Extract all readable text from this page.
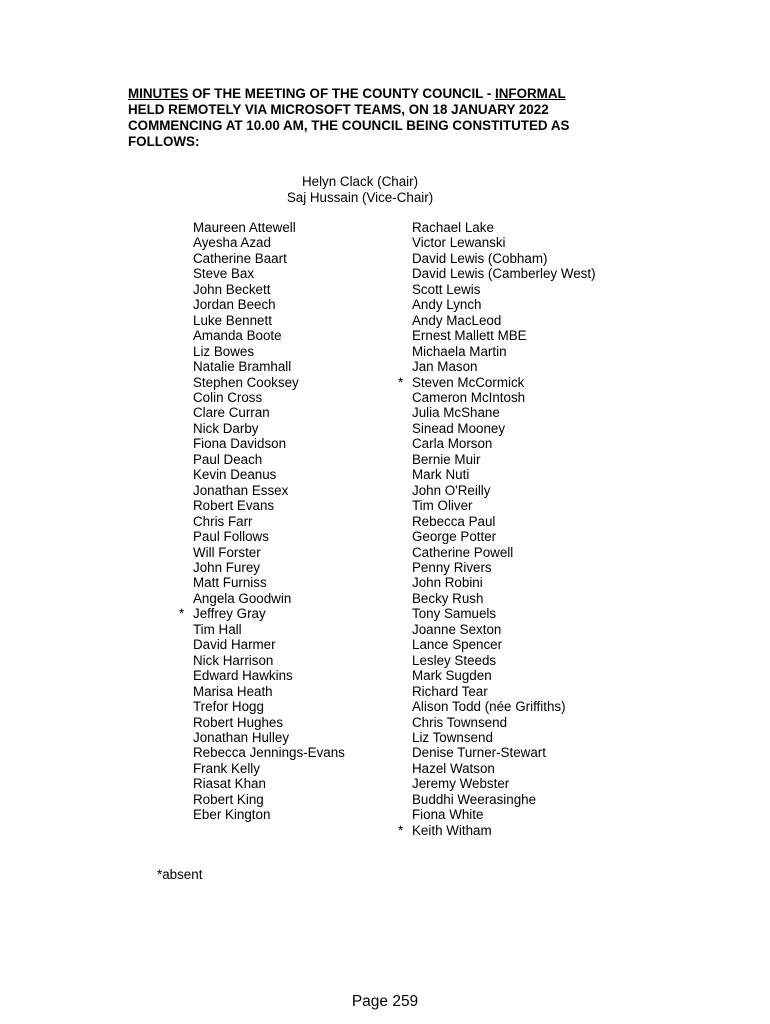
MINUTES OF THE MEETING OF THE COUNTY COUNCIL - INFORMAL
HELD REMOTELY VIA MICROSOFT TEAMS, ON 18 JANUARY 2022
COMMENCING AT 10.00 AM, THE COUNCIL BEING CONSTITUTED AS
FOLLOWS:
Helyn Clack (Chair)
Saj Hussain (Vice-Chair)
Maureen Attewell
Ayesha Azad
Catherine Baart
Steve Bax
John Beckett
Jordan Beech
Luke Bennett
Amanda Boote
Liz Bowes
Natalie Bramhall
Stephen Cooksey
Colin Cross
Clare Curran
Nick Darby
Fiona Davidson
Paul Deach
Kevin Deanus
Jonathan Essex
Robert Evans
Chris Farr
Paul Follows
Will Forster
John Furey
Matt Furniss
Angela Goodwin
* Jeffrey Gray
Tim Hall
David Harmer
Nick Harrison
Edward Hawkins
Marisa Heath
Trefor Hogg
Robert Hughes
Jonathan Hulley
Rebecca Jennings-Evans
Frank Kelly
Riasat Khan
Robert King
Eber Kington
Rachael Lake
Victor Lewanski
David Lewis (Cobham)
David Lewis (Camberley West)
Scott Lewis
Andy Lynch
Andy MacLeod
Ernest Mallett MBE
Michaela Martin
Jan Mason
* Steven McCormick
Cameron McIntosh
Julia McShane
Sinead Mooney
Carla Morson
Bernie Muir
Mark Nuti
John O'Reilly
Tim Oliver
Rebecca Paul
George Potter
Catherine Powell
Penny Rivers
John Robini
Becky Rush
Tony Samuels
Joanne Sexton
Lance Spencer
Lesley Steeds
Mark Sugden
Richard Tear
Alison Todd (née Griffiths)
Chris Townsend
Liz Townsend
Denise Turner-Stewart
Hazel Watson
Jeremy Webster
Buddhi Weerasinghe
Fiona White
* Keith Witham
*absent
Page 259
